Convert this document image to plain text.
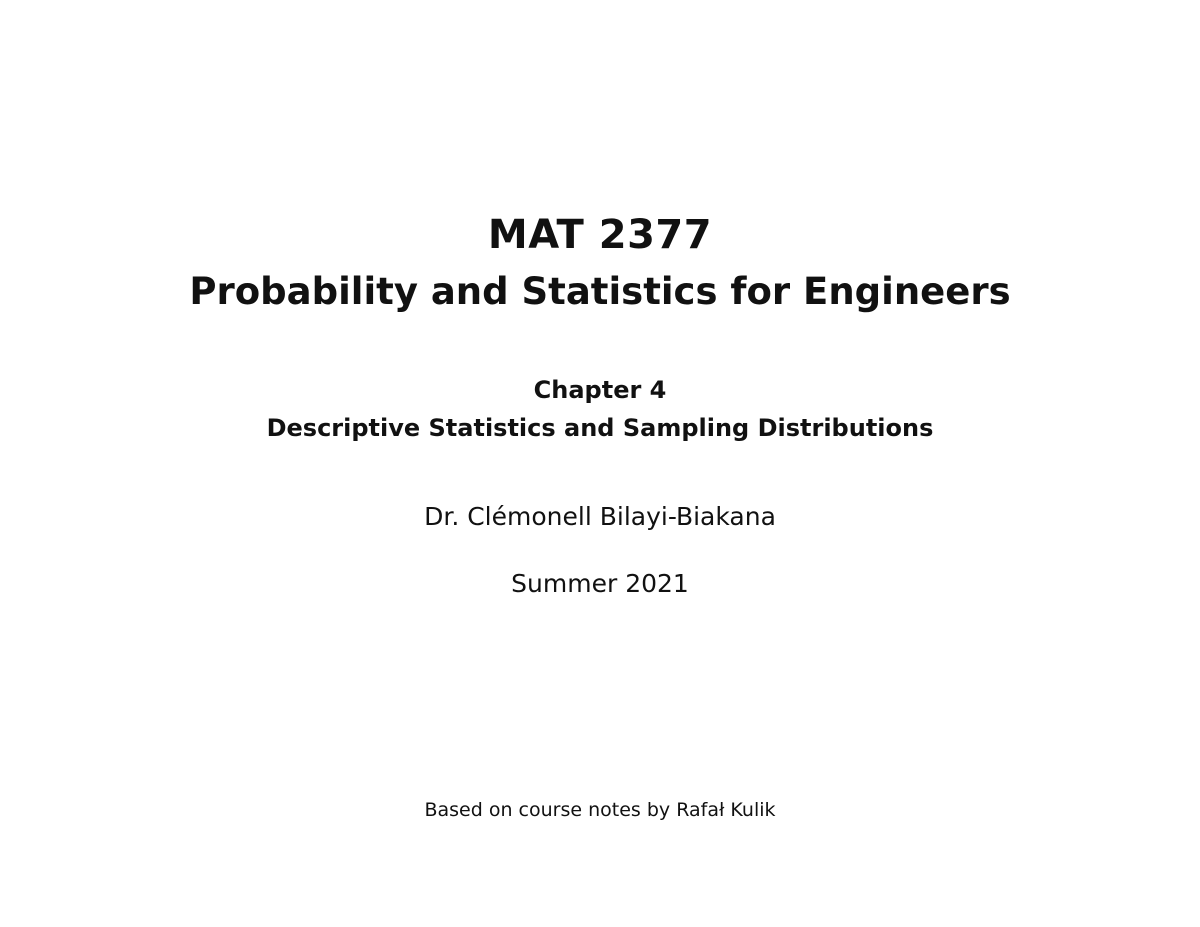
MAT 2377
Probability and Statistics for Engineers
Chapter 4
Descriptive Statistics and Sampling Distributions
Dr. Clémonell Bilayi-Biakana
Summer 2021
Based on course notes by Rafał Kulik
